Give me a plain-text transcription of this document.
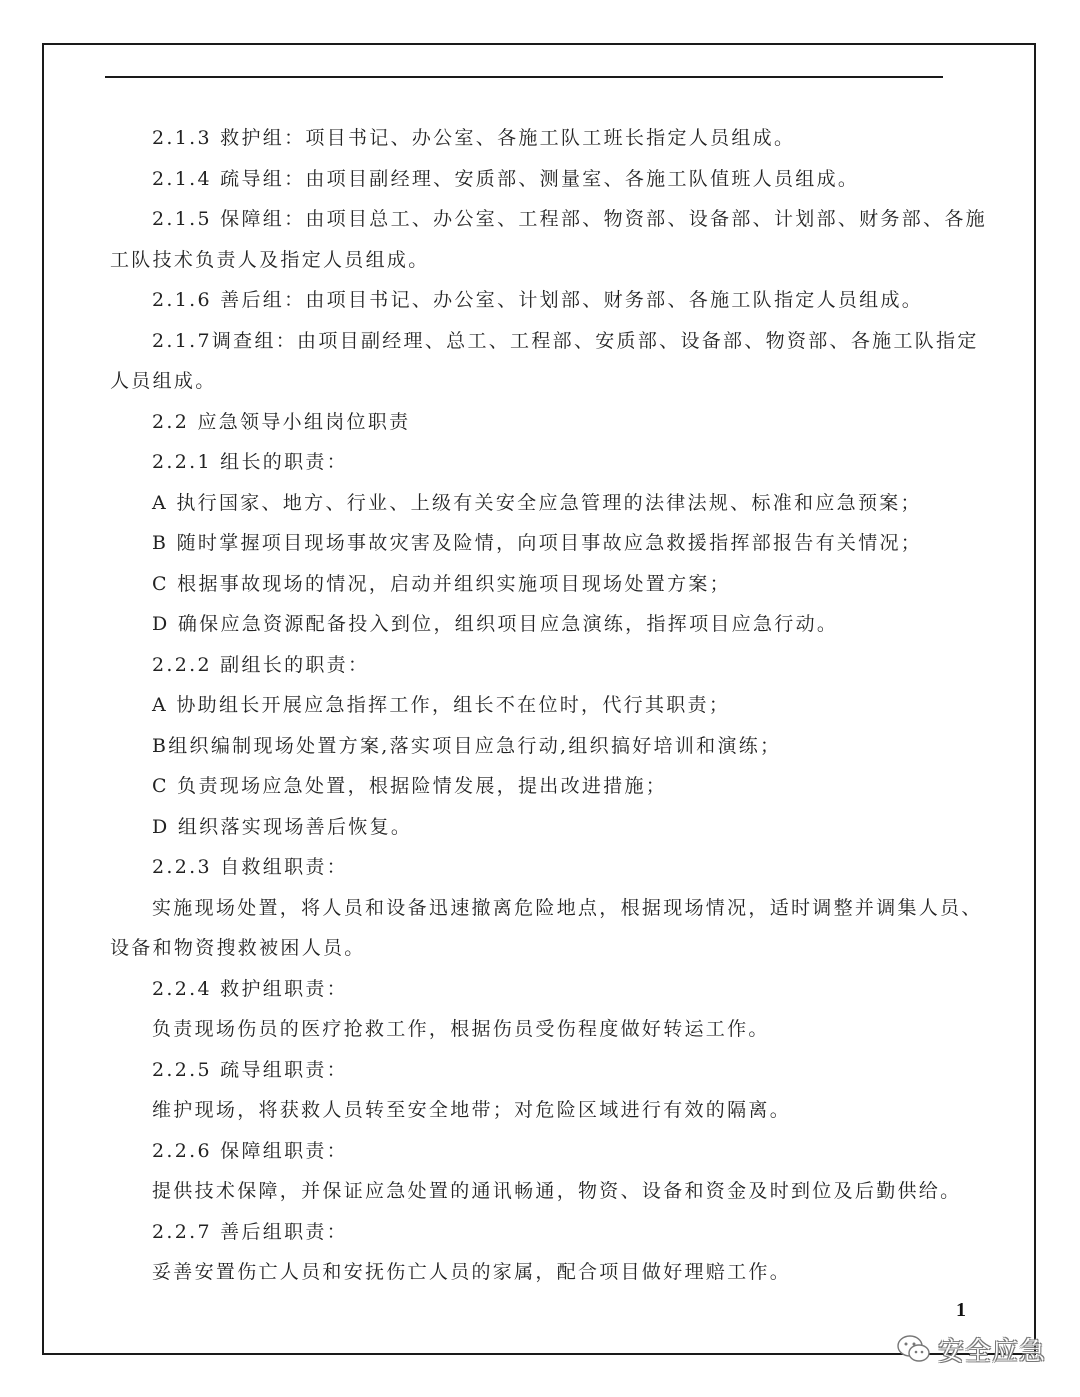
2.1.3 救护组：项目书记、办公室、各施工队工班长指定人员组成。
2.1.4 疏导组：由项目副经理、安质部、测量室、各施工队值班人员组成。
2.1.5 保障组：由项目总工、办公室、工程部、物资部、设备部、计划部、财务部、各施
工队技术负责人及指定人员组成。
2.1.6 善后组：由项目书记、办公室、计划部、财务部、各施工队指定人员组成。
2.1.7调查组：由项目副经理、总工、工程部、安质部、设备部、物资部、各施工队指定
人员组成。
2.2 应急领导小组岗位职责
2.2.1 组长的职责：
A 执行国家、地方、行业、上级有关安全应急管理的法律法规、标准和应急预案；
B 随时掌握项目现场事故灾害及险情，向项目事故应急救援指挥部报告有关情况；
C 根据事故现场的情况，启动并组织实施项目现场处置方案；
D 确保应急资源配备投入到位，组织项目应急演练，指挥项目应急行动。
2.2.2 副组长的职责：
A 协助组长开展应急指挥工作，组长不在位时，代行其职责；
B组织编制现场处置方案,落实项目应急行动,组织搞好培训和演练；
C 负责现场应急处置，根据险情发展，提出改进措施；
D 组织落实现场善后恢复。
2.2.3 自救组职责：
实施现场处置，将人员和设备迅速撤离危险地点，根据现场情况，适时调整并调集人员、
设备和物资搜救被困人员。
2.2.4 救护组职责：
负责现场伤员的医疗抢救工作，根据伤员受伤程度做好转运工作。
2.2.5 疏导组职责：
维护现场，将获救人员转至安全地带；对危险区域进行有效的隔离。
2.2.6 保障组职责：
提供技术保障，并保证应急处置的通讯畅通，物资、设备和资金及时到位及后勤供给。
2.2.7 善后组职责：
妥善安置伤亡人员和安抚伤亡人员的家属，配合项目做好理赔工作。
1
安全应急
